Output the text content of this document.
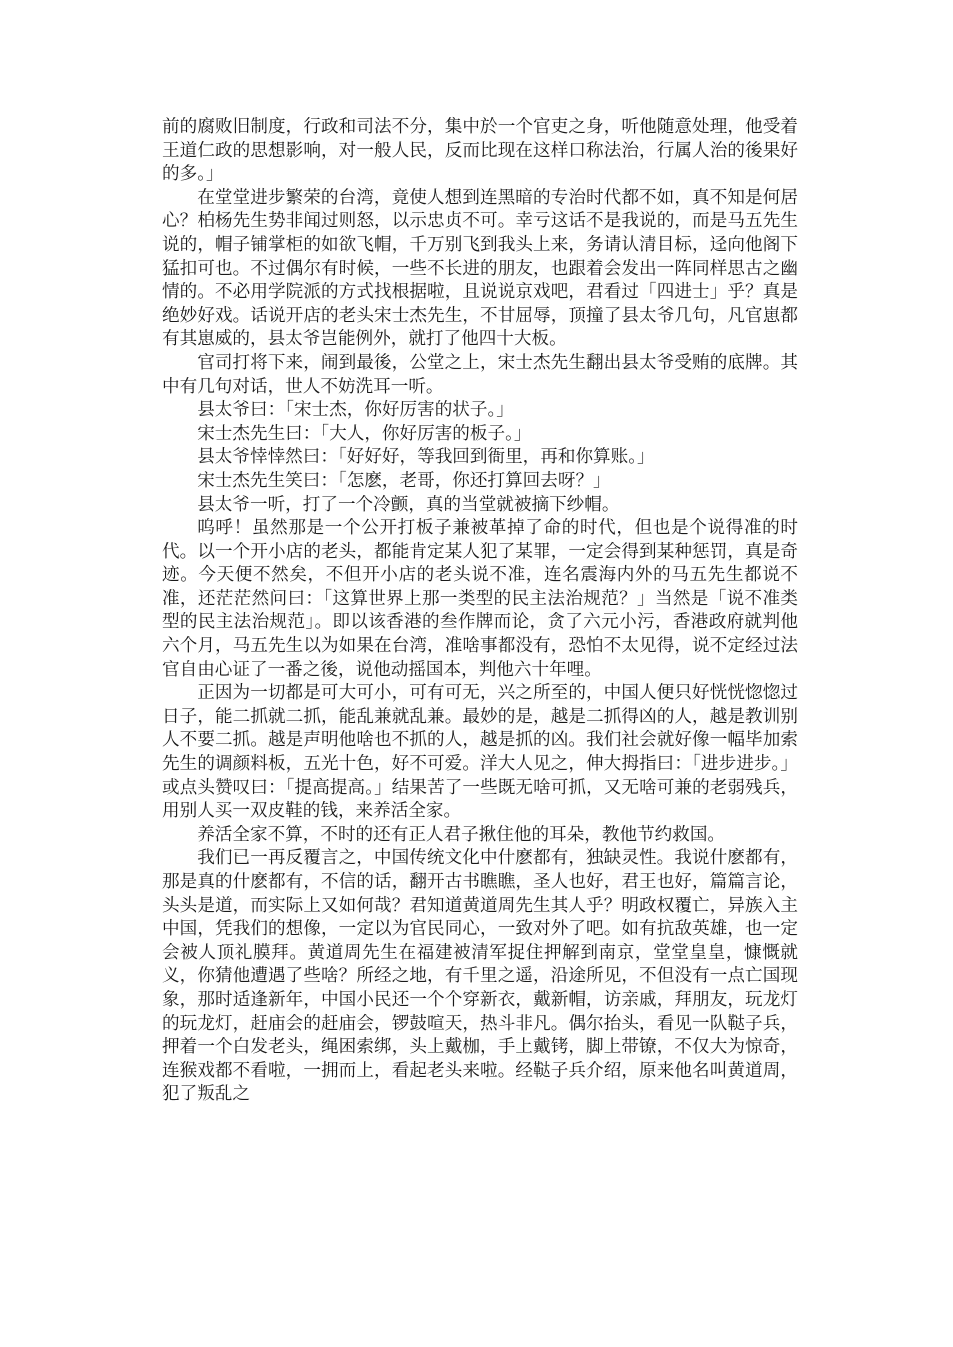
前的腐败旧制度，行政和司法不分，集中於一个官吏之身，听他随意处理，他受着王道仁政的思想影响，对一般人民，反而比现在这样口称法治，行属人治的後果好的多。」

在堂堂进步繁荣的台湾，竟使人想到连黑暗的专治时代都不如，真不知是何居心？柏杨先生势非闻过则怒，以示忠贞不可。幸亏这话不是我说的，而是马五先生说的，帽子铺掌柜的如欲飞帽，千万别飞到我头上来，务请认清目标，迳向他阁下猛扣可也。不过偶尔有时候，一些不长进的朋友，也跟着会发出一阵同样思古之幽情的。不必用学院派的方式找根据啦，且说说京戏吧，君看过「四进士」乎？真是绝妙好戏。话说开店的老头宋士杰先生，不甘屈辱，顶撞了县太爷几句，凡官崽都有其崽威的，县太爷岂能例外，就打了他四十大板。

官司打将下来，闹到最後，公堂之上，宋士杰先生翻出县太爷受贿的底牌。其中有几句对话，世人不妨洗耳一听。

县太爷曰：「宋士杰，你好厉害的状子。」

宋士杰先生曰：「大人，你好厉害的板子。」

县太爷悻悻然曰：「好好好，等我回到衙里，再和你算账。」

宋士杰先生笑曰：「怎麽，老哥，你还打算回去呀？」

县太爷一听，打了一个冷颤，真的当堂就被摘下纱帽。

呜呼！虽然那是一个公开打板子兼被革掉了命的时代，但也是个说得准的时代。以一个开小店的老头，都能肯定某人犯了某罪，一定会得到某种惩罚，真是奇迹。今天便不然矣，不但开小店的老头说不准，连名震海内外的马五先生都说不准，还茫茫然问曰：「这算世界上那一类型的民主法治规范？」当然是「说不准类型的民主法治规范」。即以该香港的叁作牌而论，贪了六元小污，香港政府就判他六个月，马五先生以为如果在台湾，准啥事都没有，恐怕不太见得，说不定经过法官自由心证了一番之後，说他动摇国本，判他六十年哩。

正因为一切都是可大可小，可有可无，兴之所至的，中国人便只好恍恍惚惚过日子，能二抓就二抓，能乱兼就乱兼。最妙的是，越是二抓得凶的人，越是教训别人不要二抓。越是声明他啥也不抓的人，越是抓的凶。我们社会就好像一幅毕加索先生的调颜料板，五光十色，好不可爱。洋大人见之，伸大拇指曰：「进步进步。」或点头赞叹曰：「提高提高。」结果苦了一些既无啥可抓，又无啥可兼的老弱残兵，用别人买一双皮鞋的钱，来养活全家。

养活全家不算，不时的还有正人君子揪住他的耳朵，教他节约救国。

我们已一再反覆言之，中国传统文化中什麽都有，独缺灵性。我说什麽都有，那是真的什麽都有，不信的话，翻开古书瞧瞧，圣人也好，君王也好，篇篇言论，头头是道，而实际上又如何哉？君知道黄道周先生其人乎？明政权覆亡，异族入主中国，凭我们的想像，一定以为官民同心，一致对外了吧。如有抗敌英雄，也一定会被人顶礼膜拜。黄道周先生在福建被清军捉住押解到南京，堂堂皇皇，慷慨就义，你猜他遭遇了些啥？所经之地，有千里之遥，沿途所见，不但没有一点亡国现象，那时适逢新年，中国小民还一个个穿新衣，戴新帽，访亲戚，拜朋友，玩龙灯的玩龙灯，赶庙会的赶庙会，锣鼓喧天，热斗非凡。偶尔抬头，看见一队鞑子兵，押着一个白发老头，绳困索绑，头上戴枷，手上戴铐，脚上带镣，不仅大为惊奇，连猴戏都不看啦，一拥而上，看起老头来啦。经鞑子兵介绍，原来他名叫黄道周，犯了叛乱之
